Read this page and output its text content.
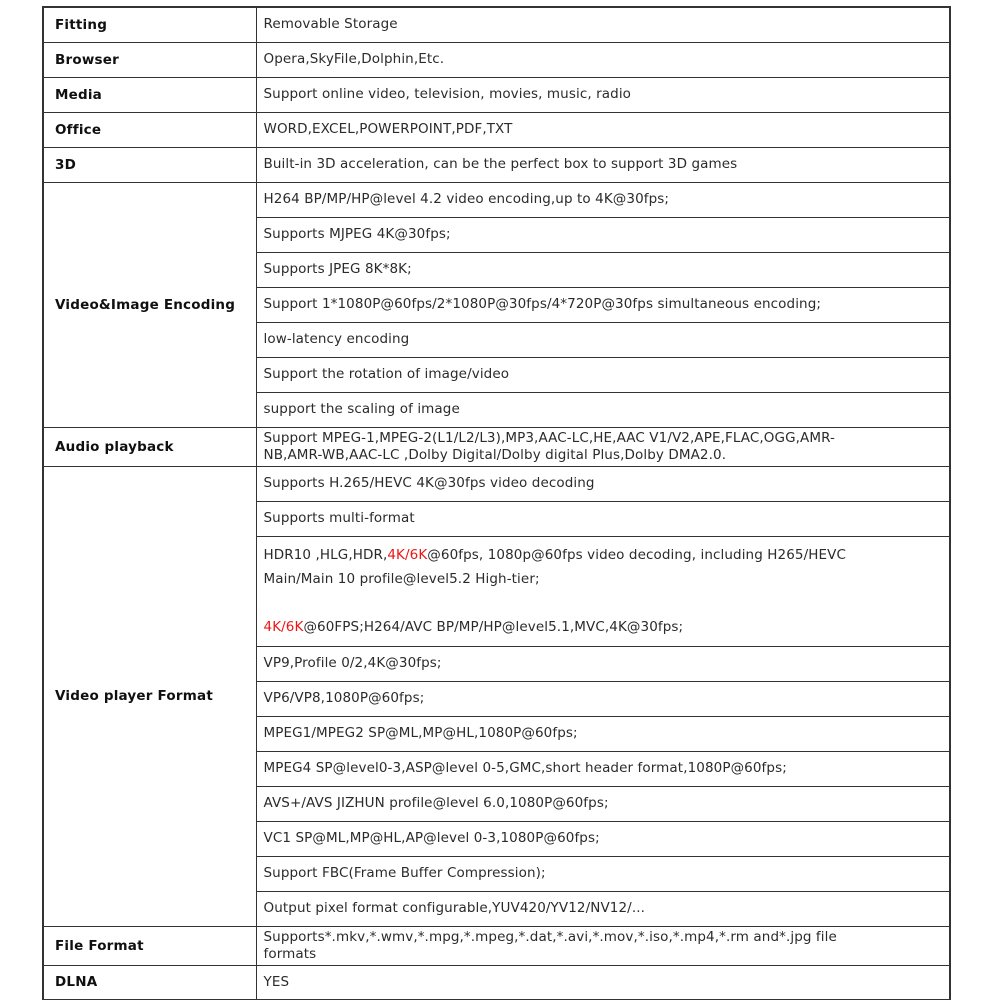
Fitting	Removable Storage

Browser	Opera,SkyFile,Dolphin,Etc.

Media	Support online video, television, movies, music, radio

Office	WORD,EXCEL,POWERPOINT,PDF,TXT

3D	Built-in 3D acceleration, can be the perfect box to support 3D games

Video&Image Encoding	H264 BP/MP/HP@level 4.2 video encoding,up to 4K@30fps;

	Supports MJPEG 4K@30fps;

	Supports JPEG 8K*8K;

	Support 1*1080P@60fps/2*1080P@30fps/4*720P@30fps simultaneous encoding;

	low-latency encoding

	Support the rotation of image/video

	support the scaling of image

Audio playback	Support MPEG-1,MPEG-2(L1/L2/L3),MP3,AAC-LC,HE,AAC V1/V2,APE,FLAC,OGG,AMR-
NB,AMR-WB,AAC-LC ,Dolby Digital/Dolby digital Plus,Dolby DMA2.0.

Video player Format	Supports H.265/HEVC 4K@30fps video decoding

	Supports multi-format

	HDR10 ,HLG,HDR,4K/6K@60fps, 1080p@60fps video decoding, including H265/HEVC
Main/Main 10 profile@level5.2 High-tier;

4K/6K@60FPS;H264/AVC BP/MP/HP@level5.1,MVC,4K@30fps;

	VP9,Profile 0/2,4K@30fps;

	VP6/VP8,1080P@60fps;

	MPEG1/MPEG2 SP@ML,MP@HL,1080P@60fps;

	MPEG4 SP@level0-3,ASP@level 0-5,GMC,short header format,1080P@60fps;

	AVS+/AVS JIZHUN profile@level 6.0,1080P@60fps;

	VC1 SP@ML,MP@HL,AP@level 0-3,1080P@60fps;

	Support FBC(Frame Buffer Compression);

	Output pixel format configurable,YUV420/YV12/NV12/...

File Format	Supports*.mkv,*.wmv,*.mpg,*.mpeg,*.dat,*.avi,*.mov,*.iso,*.mp4,*.rm and*.jpg file
formats

DLNA	YES
